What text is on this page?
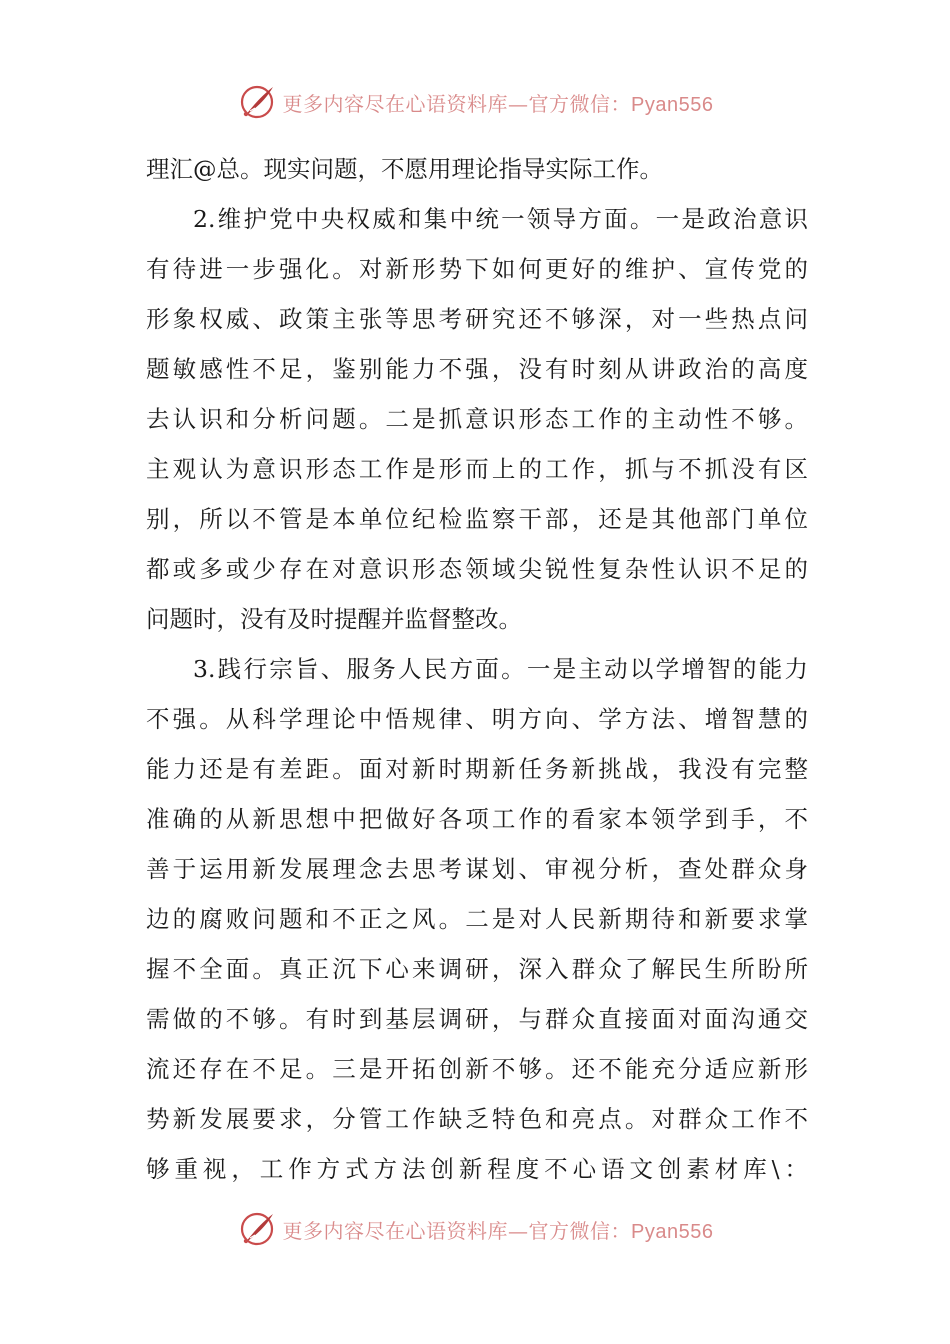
更多内容尽在心语资料库—官方微信：Pyan556
理汇@总。现实问题，不愿用理论指导实际工作。
2.维护党中央权威和集中统一领导方面。一是政治意识
有待进一步强化。对新形势下如何更好的维护、宣传党的
形象权威、政策主张等思考研究还不够深，对一些热点问
题敏感性不足，鉴别能力不强，没有时刻从讲政治的高度
去认识和分析问题。二是抓意识形态工作的主动性不够。
主观认为意识形态工作是形而上的工作，抓与不抓没有区
别，所以不管是本单位纪检监察干部，还是其他部门单位
都或多或少存在对意识形态领域尖锐性复杂性认识不足的
问题时，没有及时提醒并监督整改。
3.践行宗旨、服务人民方面。一是主动以学增智的能力
不强。从科学理论中悟规律、明方向、学方法、增智慧的
能力还是有差距。面对新时期新任务新挑战，我没有完整
准确的从新思想中把做好各项工作的看家本领学到手，不
善于运用新发展理念去思考谋划、审视分析，查处群众身
边的腐败问题和不正之风。二是对人民新期待和新要求掌
握不全面。真正沉下心来调研，深入群众了解民生所盼所
需做的不够。有时到基层调研，与群众直接面对面沟通交
流还存在不足。三是开拓创新不够。还不能充分适应新形
势新发展要求，分管工作缺乏特色和亮点。对群众工作不
够重视，工作方式方法创新程度不心语文创素材库\：
更多内容尽在心语资料库—官方微信：Pyan556
